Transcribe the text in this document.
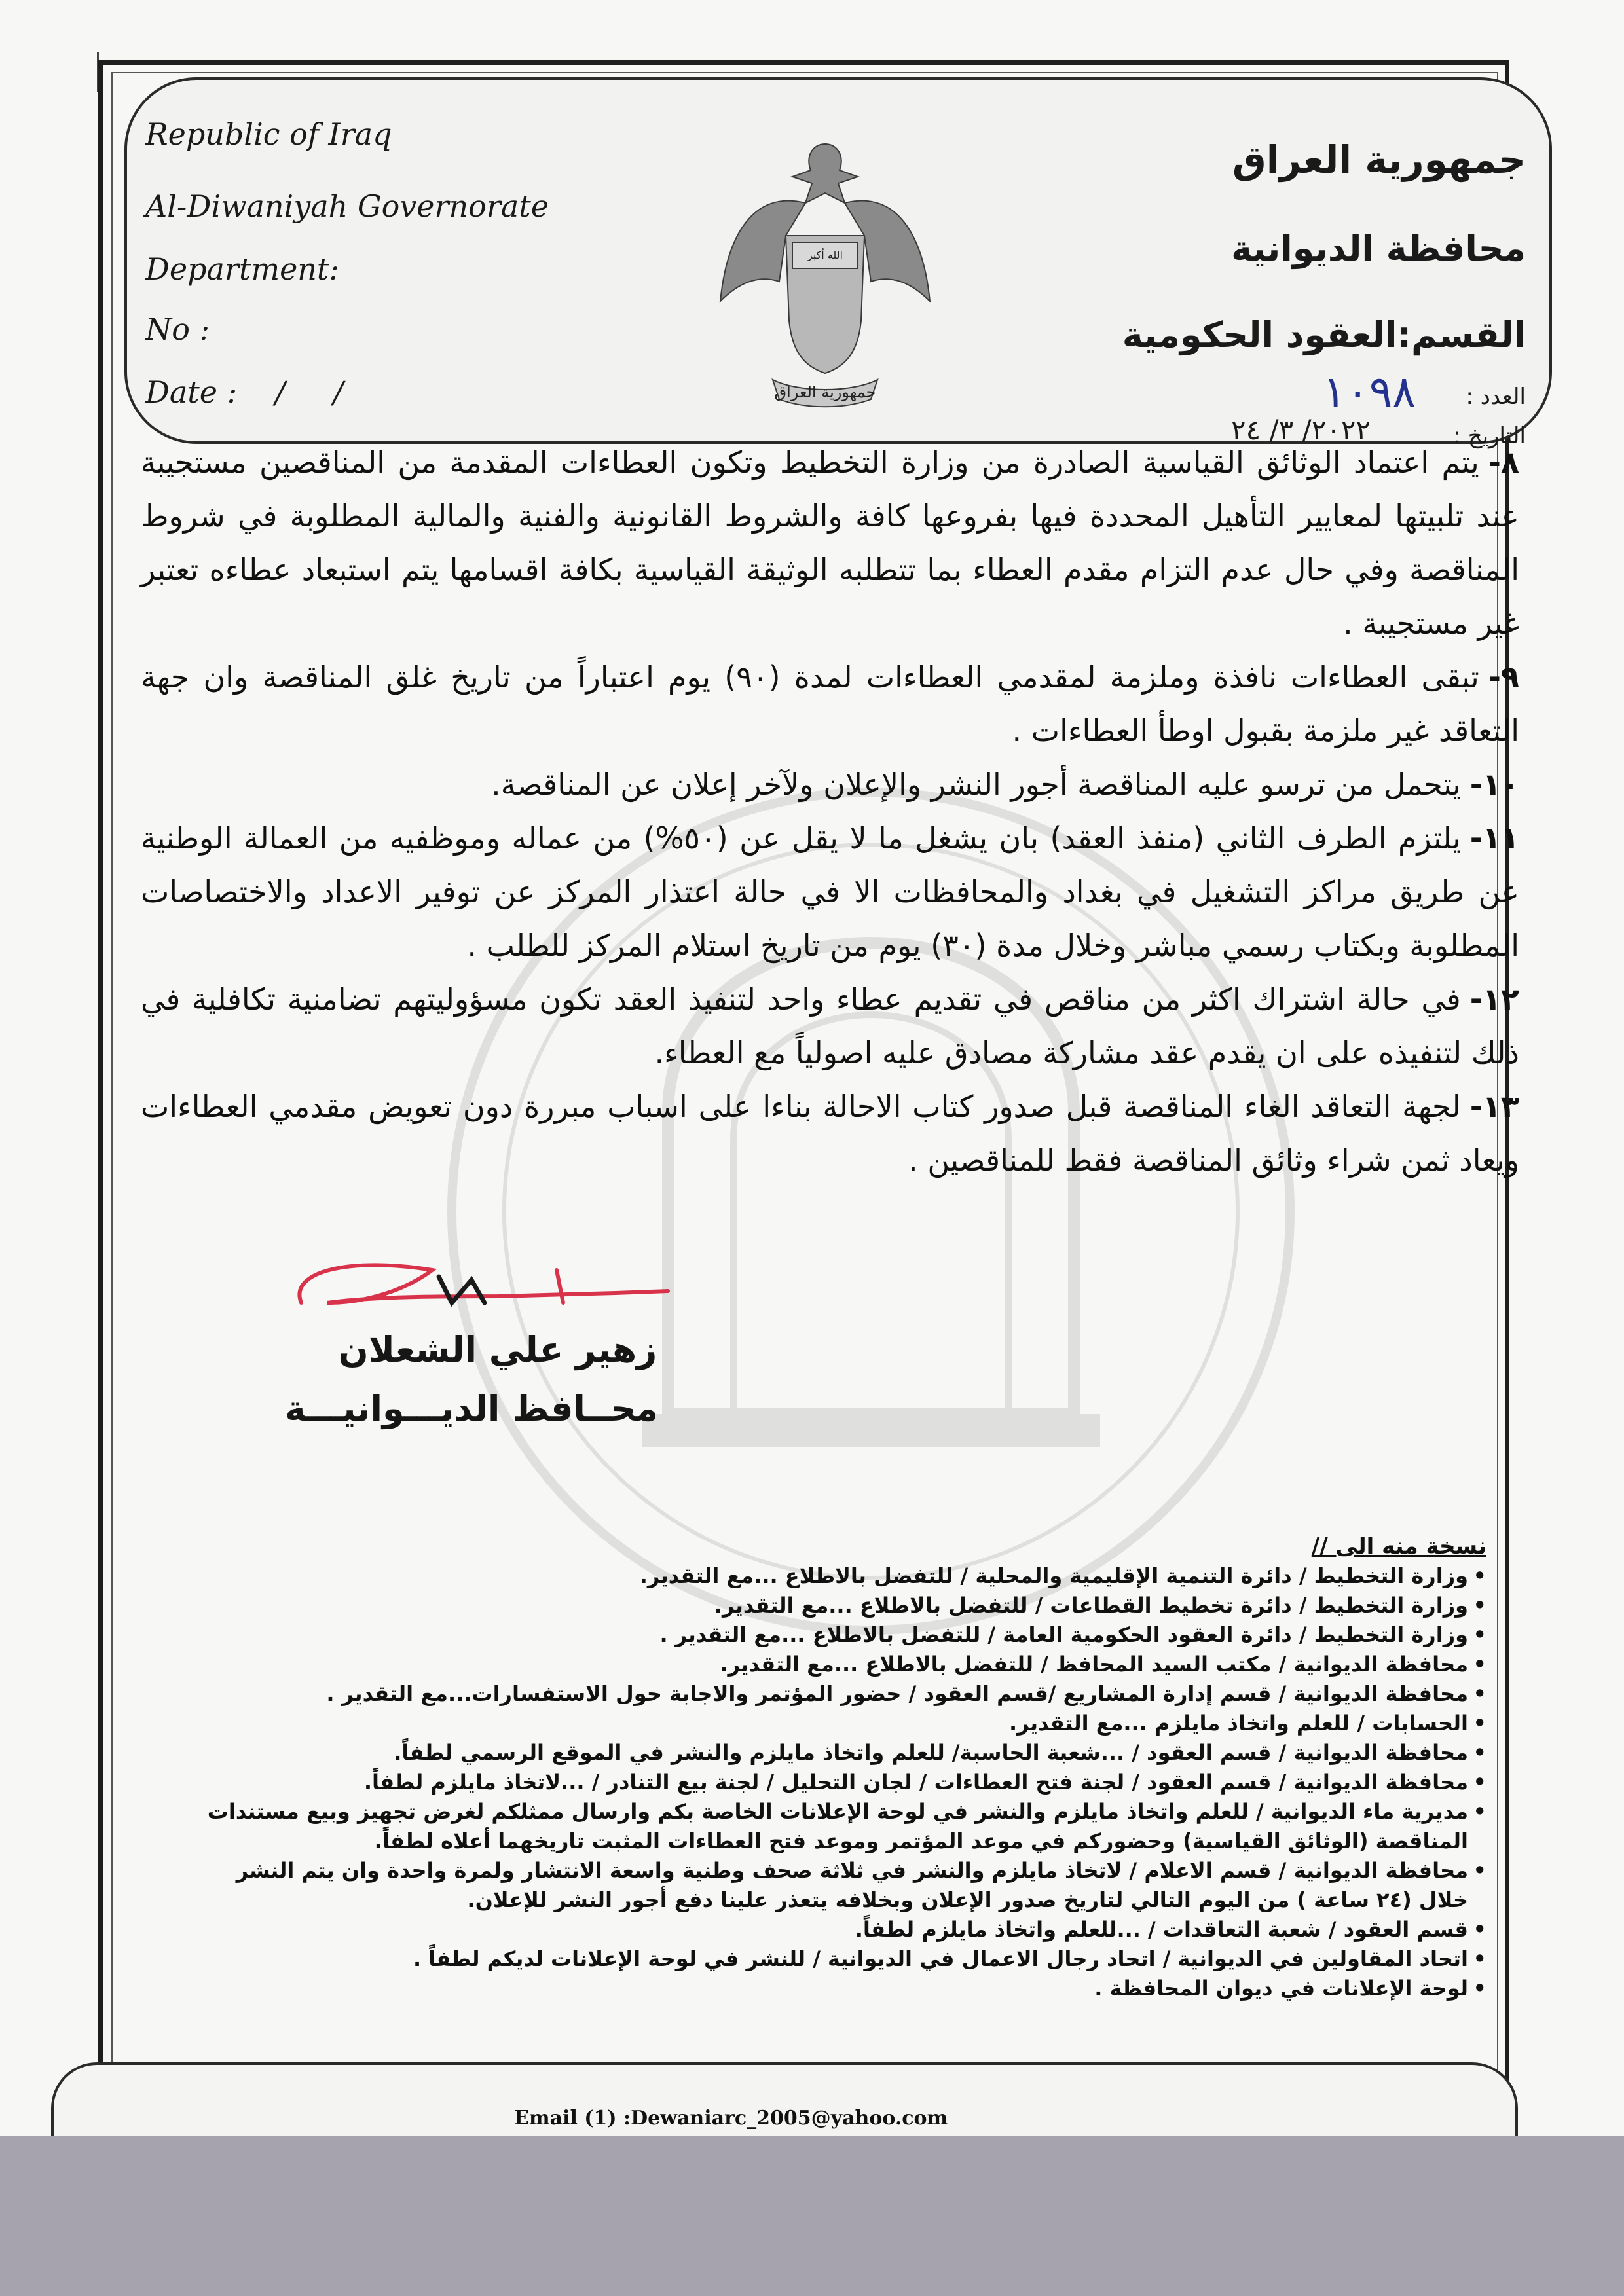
Republic of Iraq
Al-Diwaniyah Governorate
Department:
No :
Date : /     /
الله أكبر
جمهورية العراق
جمهورية العراق
محافظة الديوانية
القسم:العقود الحكومية
العدد :
١٠٩٨
التاريخ :
٢٠٢٢/ ٣/ ٢٤

٨-يتم اعتماد الوثائق القياسية الصادرة من وزارة التخطيط وتكون العطاءات المقدمة من المناقصين مستجيبة عند تلبيتها لمعايير التأهيل المحددة فيها بفروعها كافة والشروط القانونية والفنية والمالية المطلوبة في شروط المناقصة وفي حال عدم التزام مقدم العطاء بما تتطلبه الوثيقة القياسية بكافة اقسامها يتم استبعاد عطاءه تعتبر غير مستجيبة .

٩-تبقى العطاءات نافذة وملزمة لمقدمي العطاءات لمدة (٩٠) يوم اعتباراً من تاريخ غلق المناقصة وان جهة التعاقد غير ملزمة بقبول اوطأ العطاءات .

١٠-يتحمل من ترسو عليه المناقصة أجور النشر والإعلان ولآخر إعلان عن المناقصة.

١١-يلتزم الطرف الثاني (منفذ العقد) بان يشغل ما لا يقل عن (٥٠%) من عماله وموظفيه من العمالة الوطنية عن طريق مراكز التشغيل في بغداد والمحافظات الا في حالة اعتذار المركز عن توفير الاعداد والاختصاصات المطلوبة وبكتاب رسمي مباشر وخلال مدة (٣٠) يوم من تاريخ استلام المركز للطلب .

١٢-في حالة اشتراك اكثر من مناقص في تقديم عطاء واحد لتنفيذ العقد تكون مسؤوليتهم تضامنية تكافلية في ذلك لتنفيذه على ان يقدم عقد مشاركة مصادق عليه اصولياً مع العطاء.

١٣-لجهة التعاقد الغاء المناقصة قبل صدور كتاب الاحالة بناءا على اسباب مبررة دون تعويض مقدمي العطاءات ويعاد ثمن شراء وثائق المناقصة فقط للمناقصين .

زهير علي الشعلان
محــافظ الديـــوانيـــة
نسخة منه الى //
•
وزارة التخطيط / دائرة التنمية الإقليمية والمحلية / للتفضل بالاطلاع ...مع التقدير.
•
وزارة التخطيط / دائرة تخطيط القطاعات / للتفضل بالاطلاع ...مع التقدير.
•
وزارة التخطيط / دائرة العقود الحكومية العامة / للتفضل بالاطلاع ...مع التقدير .
•
محافظة الديوانية / مكتب السيد المحافظ / للتفضل بالاطلاع ...مع التقدير.
•
محافظة الديوانية / قسم إدارة المشاريع /قسم العقود / حضور المؤتمر والاجابة حول الاستفسارات...مع التقدير .
•
الحسابات / للعلم واتخاذ مايلزم ...مع التقدير.
•
محافظة الديوانية / قسم العقود / ...شعبة الحاسبة/ للعلم واتخاذ مايلزم والنشر في الموقع الرسمي لطفاً.
•
محافظة الديوانية / قسم العقود / لجنة فتح العطاءات / لجان التحليل / لجنة بيع التنادر / ...لاتخاذ مايلزم لطفاً.
•
مديرية ماء الديوانية / للعلم واتخاذ مايلزم والنشر في لوحة الإعلانات الخاصة بكم وارسال ممثلكم لغرض تجهيز وبيع مستندات المناقصة (الوثائق القياسية) وحضوركم في موعد المؤتمر وموعد فتح العطاءات المثبت تاريخهما أعلاه لطفاً.
•
محافظة الديوانية / قسم الاعلام / لاتخاذ مايلزم والنشر في ثلاثة صحف وطنية واسعة الانتشار ولمرة واحدة وان يتم النشر خلال (٢٤ ساعة ) من اليوم التالي لتاريخ صدور الإعلان وبخلافه يتعذر علينا دفع أجور النشر للإعلان.
•
قسم العقود / شعبة التعاقدات / ...للعلم واتخاذ مايلزم لطفاً.
•
اتحاد المقاولين في الديوانية / اتحاد رجال الاعمال في الديوانية / للنشر في لوحة الإعلانات لديكم لطفاً .
•
لوحة الإعلانات في ديوان المحافظة .
Email (1) :Dewaniarc_2005@yahoo.com
